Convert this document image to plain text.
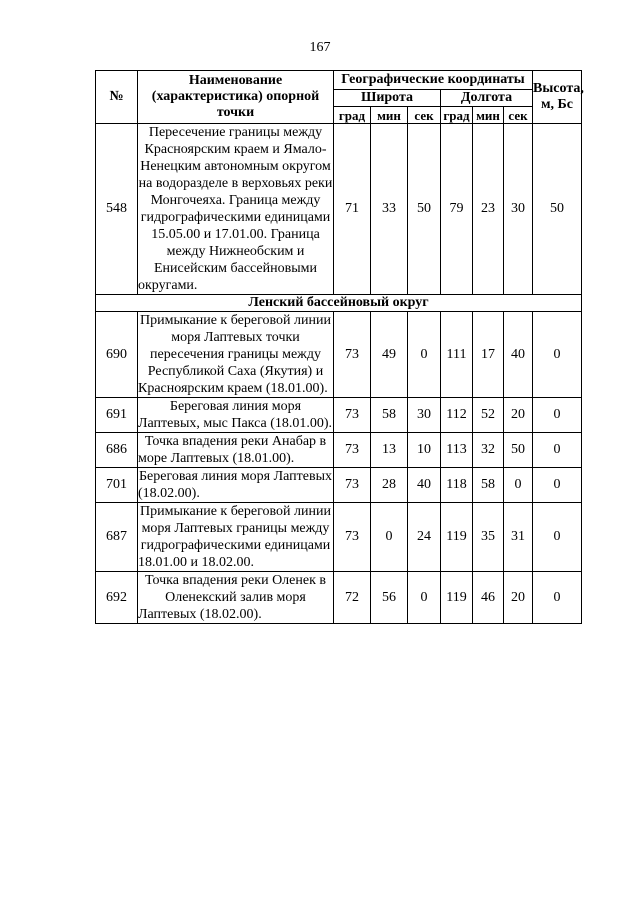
167
№	Наименование (характеристика) опорной точки	Географические координаты						Высота, м, Бс
		Широта			Долгота			
		град	мин	сек	град	мин	сек	
548	Пересечение границы между Красноярским краем и Ямало-Ненецким автономным округом на водоразделе в верховьях реки Монгочеяха. Граница между гидрографическими единицами 15.05.00 и 17.01.00. Граница между Нижнеобским и Енисейским бассейновыми округами.	71	33	50	79	23	30	50
Ленский бассейновый округ								
690	Примыкание к береговой линии моря Лаптевых точки пересечения границы между Республикой Саха (Якутия) и Красноярским краем (18.01.00).	73	49	0	111	17	40	0
691	Береговая линия моря Лаптевых, мыс Пакса (18.01.00).	73	58	30	112	52	20	0
686	Точка впадения реки Анабар в море Лаптевых (18.01.00).	73	13	10	113	32	50	0
701	Береговая линия моря Лаптевых (18.02.00).	73	28	40	118	58	0	0
687	Примыкание к береговой линии моря Лаптевых границы между гидрографическими единицами 18.01.00 и 18.02.00.	73	0	24	119	35	31	0
692	Точка впадения реки Оленек в Оленекский залив моря Лаптевых (18.02.00).	72	56	0	119	46	20	0
